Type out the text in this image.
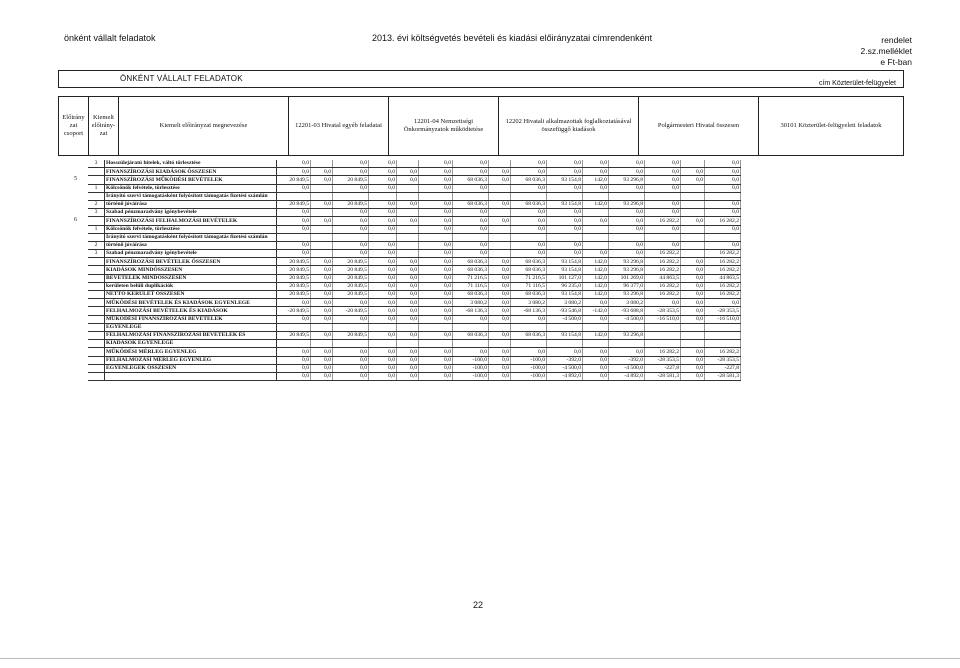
önként vállalt feladatok	2013. évi költségvetés bevételi és kiadási előirányzatai címrendenként	rendelet
2.sz.melléklet
e Ft-ban
ÖNKÉNT VÁLLALT FELADATOK
cím Közterület-felügyelet
Előirány zat csoport
Kiemelt előirány- zat
Kiemelt előirányzat megnevezése	12201-03 Hivatal egyéb feladatai
12201-04 Nemzetiségi Önkormányzatok működtetése
12202 Hivatali alkalmazottak foglalkoztatásával összefüggő kiadások
Polgármesteri Hivatal összesen	30101 Közterület-felügyeleti feladatok
3	Hosszúlejáratú hitelek, váltó törlesztése	0,0		0,0	0,0		0,0	0,0		0,0	0,0	0,0	0,0	0,0		0,0
	FINANSZÍROZÁSI KIADÁSOK ÖSSZESEN	0,0	0,0	0,0	0,0	0,0	0,0	0,0	0,0	0,0	0,0	0,0	0,0	0,0	0,0	0,0
	FINANSZÍROZÁSI MŰKÖDÉSI BEVÉTELEK	20 849,5	0,0	20 849,5	0,0	0,0	0,0	68 036,3	0,0	68 036,3	93 154,8	142,0	93 296,8	0,0	0,0	0,0
1	Kölcsönök felvétele, törlesztése	0,0		0,0	0,0		0,0	0,0		0,0	0,0	0,0	0,0	0,0		0,0
	Irányító szervi támogatásként folyósított támogatás fizetési számlán															
2	történő jóváírása	20 849,5	0,0	20 849,5	0,0	0,0	0,0	68 036,3	0,0	68 036,3	93 154,8	142,0	93 296,8	0,0		0,0
3	Szabad pénzmaradvány igénybevétele	0,0		0,0	0,0		0,0	0,0		0,0	0,0		0,0	0,0		0,0
	FINANSZÍROZÁSI FELHALMOZÁSI BEVÉTELEK	0,0	0,0	0,0	0,0	0,0	0,0	0,0	0,0	0,0	0,0	0,0	0,0	16 282,2	0,0	16 282,2
1	Kölcsönök felvétele, törlesztése	0,0		0,0	0,0		0,0	0,0		0,0	0,0		0,0	0,0		0,0
	Irányító szervi támogatásként folyósított támogatás fizetési számlán															
2	történő jóváírása	0,0		0,0	0,0		0,0	0,0		0,0	0,0		0,0	0,0		0,0
3	Szabad pénzmaradvány igénybevétele	0,0		0,0	0,0		0,0	0,0		0,0	0,0	0,0	0,0	16 282,2		16 282,2
	FINANSZÍROZÁSI BEVÉTELEK ÖSSZESEN	20 849,5	0,0	20 849,5	0,0	0,0	0,0	68 036,3	0,0	68 036,3	93 154,8	142,0	93 296,8	16 282,2	0,0	16 282,2
	KIADÁSOK MINDÖSSZESEN	20 849,5	0,0	20 849,5	0,0	0,0	0,0	68 036,3	0,0	68 036,3	93 154,8	142,0	93 296,8	16 282,2	0,0	16 282,2
	BEVÉTELEK MINDÖSSZESEN	20 849,5	0,0	20 849,5	0,0	0,0	0,0	71 216,5	0,0	71 216,5	101 127,0	142,0	101 269,0	44 863,5	0,0	44 863,5
	kerületen belüli duplikációk	20 849,5	0,0	20 849,5	0,0	0,0	0,0	71 116,5	0,0	71 116,5	96 235,0	142,0	96 377,0	16 282,2	0,0	16 282,2
	NETTÓ KERÜLET ÖSSZESEN	20 849,5	0,0	20 849,5	0,0	0,0	0,0	68 036,3	0,0	68 036,3	93 154,8	142,0	93 296,8	16 282,2	0,0	16 282,2
	MŰKÖDÉSI BEVÉTELEK ÉS KIADÁSOK EGYENLEGE	0,0	0,0	0,0	0,0	0,0	0,0	3 080,2	0,0	3 080,2	3 080,2	0,0	3 080,2	0,0	0,0	0,0
	FELHALMOZÁSI BEVÉTELEK ÉS KIADÁSOK	-20 849,5	0,0	-20 849,5	0,0	0,0	0,0	-68 136,3	0,0	-68 136,3	-93 546,8	-142,0	-93 688,8	-28 353,5	0,0	-28 353,5
	MŰKÖDÉSI FINANSZÍROZÁSI BEVÉTELEK	0,0	0,0	0,0	0,0	0,0	0,0	0,0	0,0	0,0	-4 500,0	0,0	-4 500,0	-16 510,0	0,0	-16 510,0
	EGYENLEGE															
	FELHALMOZÁSI FINANSZÍROZÁSI BEVÉTELEK ÉS	20 849,5	0,0	20 849,5	0,0	0,0	0,0	68 036,3	0,0	68 036,3	93 154,8	142,0	93 296,8			
	KIADÁSOK EGYENLEGE															
	MŰKÖDÉSI MÉRLEG EGYENLEG	0,0	0,0	0,0	0,0	0,0	0,0	0,0	0,0	0,0	0,0	0,0	0,0	16 282,2	0,0	16 282,2
	FELHALMOZÁSI MÉRLEG EGYENLEG	0,0	0,0	0,0	0,0	0,0	0,0	-100,0	0,0	-100,0	-392,0	0,0	-392,0	-28 353,5	0,0	-28 353,5
	EGYENLEGEK ÖSSZESEN	0,0	0,0	0,0	0,0	0,0	0,0	-100,0	0,0	-100,0	-4 500,0	0,0	-4 500,0	-227,8	0,0	-227,8
		0,0	0,0	0,0	0,0	0,0	0,0	-100,0	0,0	-100,0	-4 892,0	0,0	-4 892,0	-28 581,3	0,0	-28 581,3
22
5
6
